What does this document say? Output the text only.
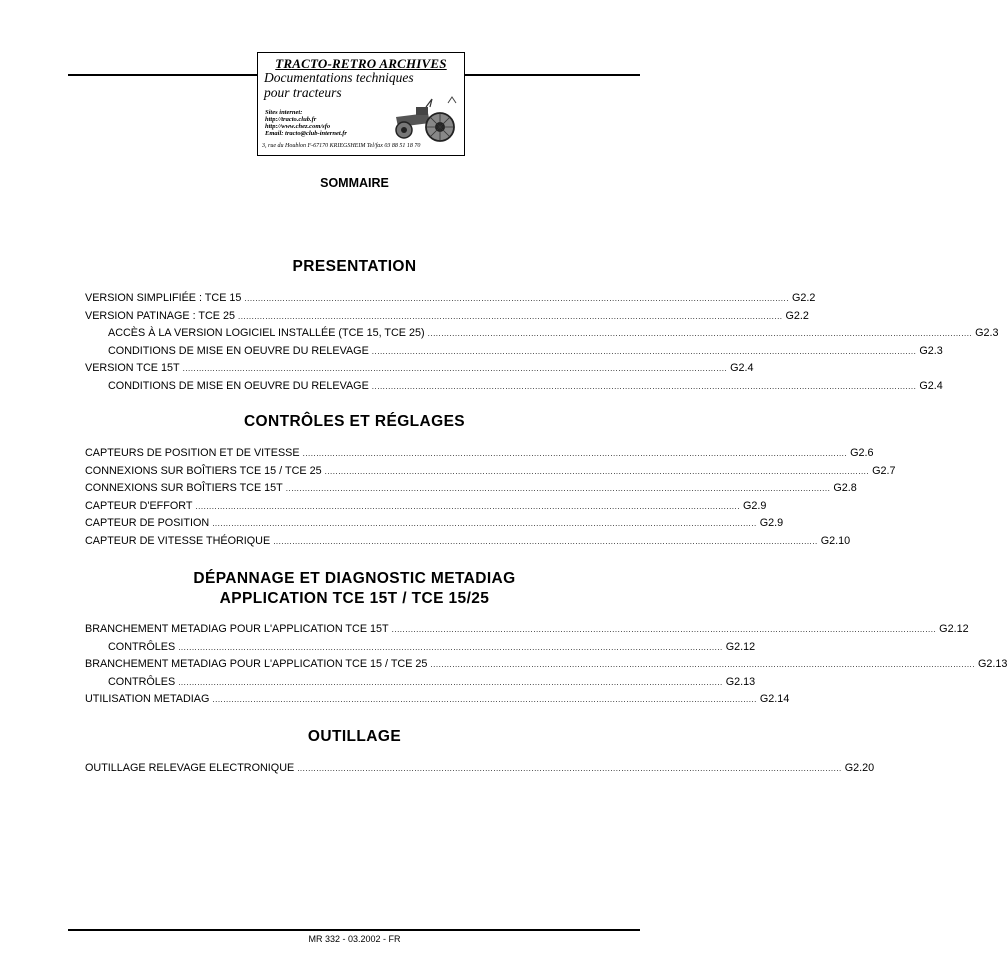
TRACTO-RETRO ARCHIVES
Documentations techniques
pour tracteurs
Sites internet:
http://tracto.club.fr
http://www.chez.com/sfo
Email: tracto@club-internet.fr
3, rue du Houblon F-67170 KRIEGSHEIM Tel/fax 03 88 51 18 70
SOMMAIRE
PRESENTATION
VERSION SIMPLIFIÉE : TCE 15 ........................................................................................................................................................................................................ G2.2
VERSION PATINAGE : TCE 25 ........................................................................................................................................................................................................ G2.2
ACCÈS À LA VERSION LOGICIEL INSTALLÉE (TCE 15, TCE 25) ........................................................................................................................................................................................................ G2.3
CONDITIONS DE MISE EN OEUVRE DU RELEVAGE ........................................................................................................................................................................................................ G2.3
VERSION TCE 15T ........................................................................................................................................................................................................ G2.4
CONDITIONS DE MISE EN OEUVRE DU RELEVAGE ........................................................................................................................................................................................................ G2.4
CONTRÔLES ET RÉGLAGES
CAPTEURS DE POSITION ET DE VITESSE ........................................................................................................................................................................................................ G2.6
CONNEXIONS SUR BOÎTIERS TCE 15 / TCE 25 ........................................................................................................................................................................................................ G2.7
CONNEXIONS SUR BOÎTIERS TCE 15T ........................................................................................................................................................................................................ G2.8
CAPTEUR D'EFFORT ........................................................................................................................................................................................................ G2.9
CAPTEUR DE POSITION ........................................................................................................................................................................................................ G2.9
CAPTEUR DE VITESSE THÉORIQUE ........................................................................................................................................................................................................ G2.10
DÉPANNAGE ET DIAGNOSTIC METADIAG
APPLICATION TCE 15T / TCE 15/25
BRANCHEMENT METADIAG POUR L'APPLICATION TCE 15T ........................................................................................................................................................................................................ G2.12
CONTRÔLES ........................................................................................................................................................................................................ G2.12
BRANCHEMENT METADIAG POUR L'APPLICATION TCE 15 / TCE 25 ........................................................................................................................................................................................................ G2.13
CONTRÔLES ........................................................................................................................................................................................................ G2.13
UTILISATION METADIAG ........................................................................................................................................................................................................ G2.14
OUTILLAGE
OUTILLAGE RELEVAGE ELECTRONIQUE ........................................................................................................................................................................................................ G2.20
MR 332 - 03.2002 - FR
